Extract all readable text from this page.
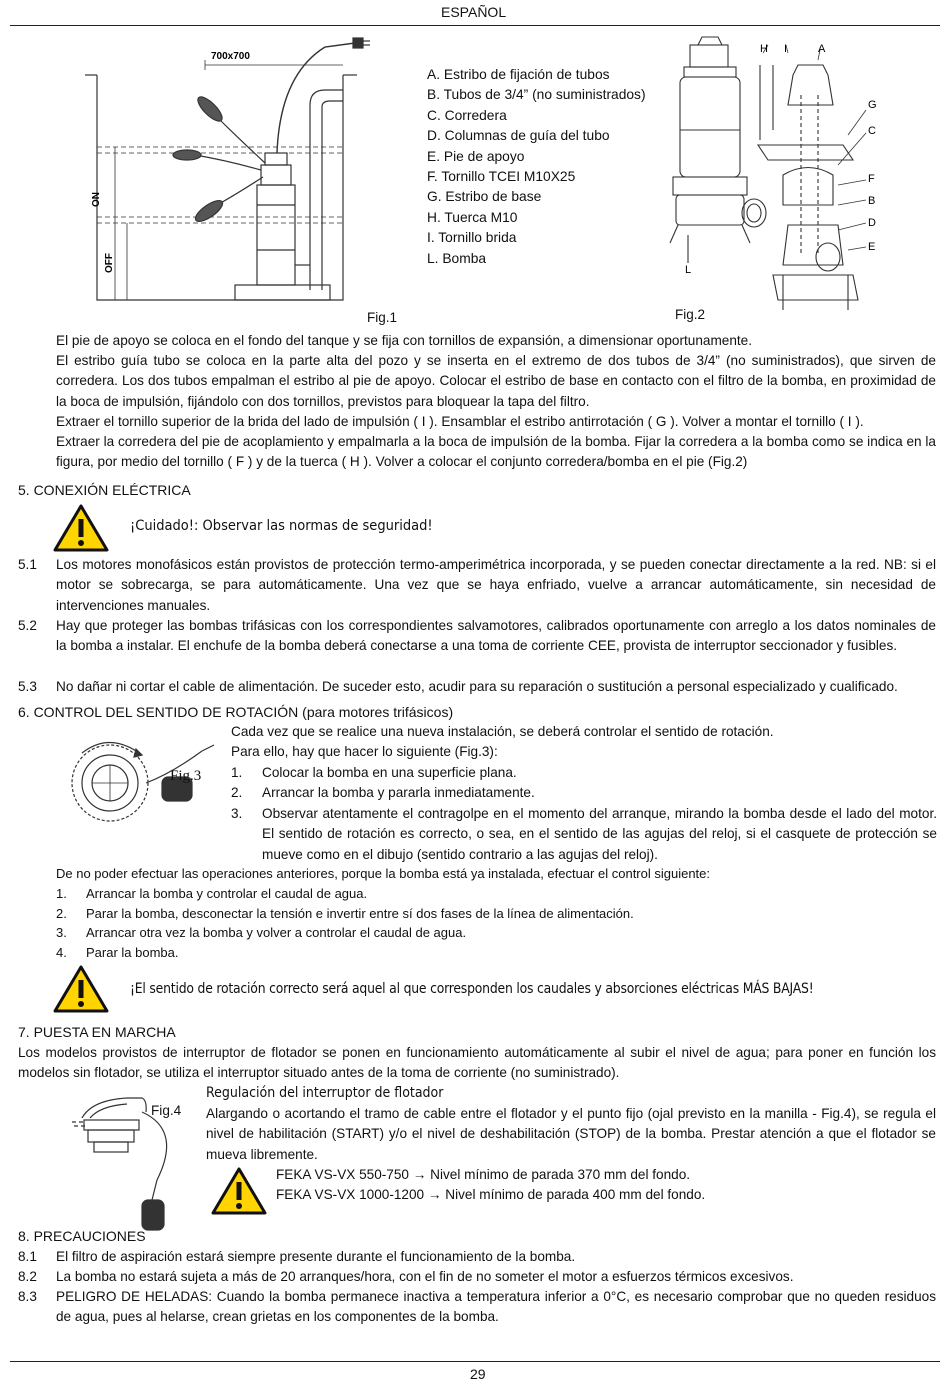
ESPAÑOL
700x700
ON
OFF
Fig.1
A. Estribo de fijación de tubos
B. Tubos de 3/4” (no suministrados)
C. Corredera
D. Columnas de guía del tubo
E. Pie de apoyo
F. Tornillo TCEI M10X25
G. Estribo de base
H. Tuerca M10
I. Tornillo brida
L. Bomba
H I	A
G
C
F
B
D
E
L
Fig.2
El pie de apoyo se coloca en el fondo del tanque y se fija con tornillos de expansión, a dimensionar oportunamente.
El estribo guía tubo se coloca en la parte alta del pozo y se inserta en el extremo de dos tubos de 3/4” (no suministrados), que sirven de corredera. Los dos tubos empalman el estribo al pie de apoyo. Colocar el estribo de base en contacto con el filtro de la bomba, en proximidad de la boca de impulsión, fijándolo con dos tornillos, previstos para bloquear la tapa del filtro.
Extraer el tornillo superior de la brida del lado de impulsión ( I ). Ensamblar el estribo antirrotación ( G ). Volver a montar el tornillo ( I ).
Extraer la corredera del pie de acoplamiento y empalmarla a la boca de impulsión de la bomba. Fijar la corredera a la bomba como se indica en la figura, por medio del tornillo ( F ) y de la tuerca ( H ). Volver a colocar el conjunto corredera/bomba en el pie (Fig.2)
5. CONEXIÓN ELÉCTRICA
¡Cuidado!: Observar las normas de seguridad!
5.1 Los motores monofásicos están provistos de protección termo-amperimétrica incorporada, y se pueden conectar directamente a la red. NB: si el motor se sobrecarga, se para automáticamente. Una vez que se haya enfriado, vuelve a arrancar automáticamente, sin necesidad de intervenciones manuales.
5.2 Hay que proteger las bombas trifásicas con los correspondientes salvamotores, calibrados oportunamente con arreglo a los datos nominales de la bomba a instalar. El enchufe de la bomba deberá conectarse a una toma de corriente CEE, provista de interruptor seccionador y fusibles.
5.3 No dañar ni cortar el cable de alimentación. De suceder esto, acudir para su reparación o sustitución a personal especializado y cualificado.
6. CONTROL DEL SENTIDO DE ROTACIÓN (para motores trifásicos)
Fig.3
Cada vez que se realice una nueva instalación, se deberá controlar el sentido de rotación.
Para ello, hay que hacer lo siguiente (Fig.3):
1. Colocar la bomba en una superficie plana.
2. Arrancar la bomba y pararla inmediatamente.
3. Observar atentamente el contragolpe en el momento del arranque, mirando la bomba desde el lado del motor. El sentido de rotación es correcto, o sea, en el sentido de las agujas del reloj, si el casquete de protección se mueve como en el dibujo (sentido contrario a las agujas del reloj).
De no poder efectuar las operaciones anteriores, porque la bomba está ya instalada, efectuar el control siguiente:
1. Arrancar la bomba y controlar el caudal de agua.
2. Parar la bomba, desconectar la tensión e invertir entre sí dos fases de la línea de alimentación.
3. Arrancar otra vez la bomba y volver a controlar el caudal de agua.
4. Parar la bomba.
¡El sentido de rotación correcto será aquel al que corresponden los caudales y absorciones eléctricas MÁS BAJAS!
7. PUESTA EN MARCHA
Los modelos provistos de interruptor de flotador se ponen en funcionamiento automáticamente al subir el nivel de agua; para poner en función los modelos sin flotador, se utiliza el interruptor situado antes de la toma de corriente (no suministrado).
Fig.4
Regulación del interruptor de flotador
Alargando o acortando el tramo de cable entre el flotador y el punto fijo (ojal previsto en la manilla - Fig.4), se regula el nivel de habilitación (START) y/o el nivel de deshabilitación (STOP) de la bomba. Prestar atención a que el flotador se mueva libremente.
FEKA VS-VX 550-750 → Nivel mínimo de parada 370 mm del fondo.
FEKA VS-VX 1000-1200 → Nivel mínimo de parada 400 mm del fondo.
8. PRECAUCIONES
8.1 El filtro de aspiración estará siempre presente durante el funcionamiento de la bomba.
8.2 La bomba no estará sujeta a más de 20 arranques/hora, con el fin de no someter el motor a esfuerzos térmicos excesivos.
8.3 PELIGRO DE HELADAS: Cuando la bomba permanece inactiva a temperatura inferior a 0°C, es necesario comprobar que no queden residuos de agua, pues al helarse, crean grietas en los componentes de la bomba.
29
